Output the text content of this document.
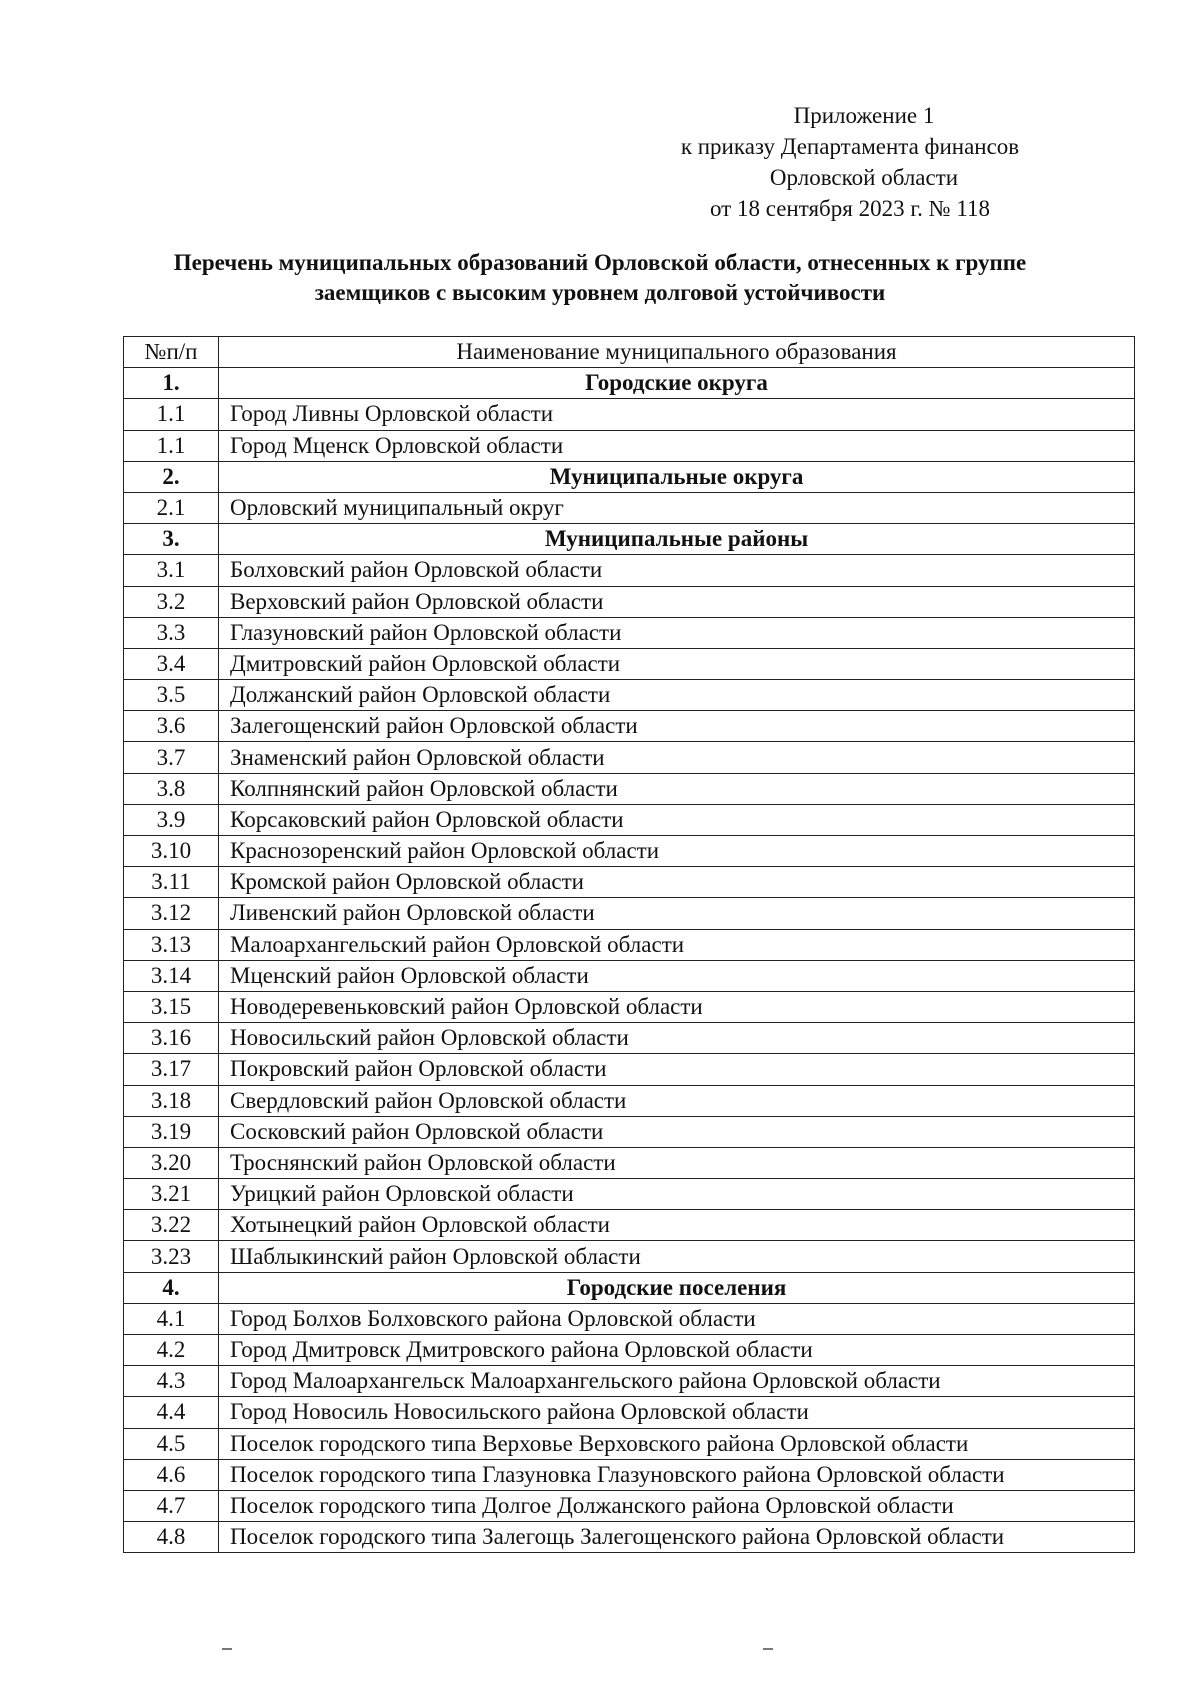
Приложение 1
к приказу Департамента финансов
Орловской области
от 18 сентября 2023 г. № 118
Перечень муниципальных образований Орловской области, отнесенных к группе
заемщиков с высоким уровнем долговой устойчивости
№п/п	Наименование муниципального образования
1.	Городские округа
1.1	Город Ливны Орловской области
1.1	Город Мценск Орловской области
2.	Муниципальные округа
2.1	Орловский муниципальный округ
3.	Муниципальные районы
3.1	Болховский район Орловской области
3.2	Верховский район Орловской области
3.3	Глазуновский район Орловской области
3.4	Дмитровский район Орловской области
3.5	Должанский район Орловской области
3.6	Залегощенский район Орловской области
3.7	Знаменский район Орловской области
3.8	Колпнянский район Орловской области
3.9	Корсаковский район Орловской области
3.10	Краснозоренский район Орловской области
3.11	Кромской район Орловской области
3.12	Ливенский район Орловской области
3.13	Малоархангельский район Орловской области
3.14	Мценский район Орловской области
3.15	Новодеревеньковский район Орловской области
3.16	Новосильский район Орловской области
3.17	Покровский район Орловской области
3.18	Свердловский район Орловской области
3.19	Сосковский район Орловской области
3.20	Троснянский район Орловской области
3.21	Урицкий район Орловской области
3.22	Хотынецкий район Орловской области
3.23	Шаблыкинский район Орловской области
4.	Городские поселения
4.1	Город Болхов Болховского района Орловской области
4.2	Город Дмитровск Дмитровского района Орловской области
4.3	Город Малоархангельск Малоархангельского района Орловской области
4.4	Город Новосиль Новосильского района Орловской области
4.5	Поселок городского типа Верховье Верховского района Орловской области
4.6	Поселок городского типа Глазуновка Глазуновского района Орловской области
4.7	Поселок городского типа Долгое Должанского района Орловской области
4.8	Поселок городского типа Залегощь Залегощенского района Орловской области
